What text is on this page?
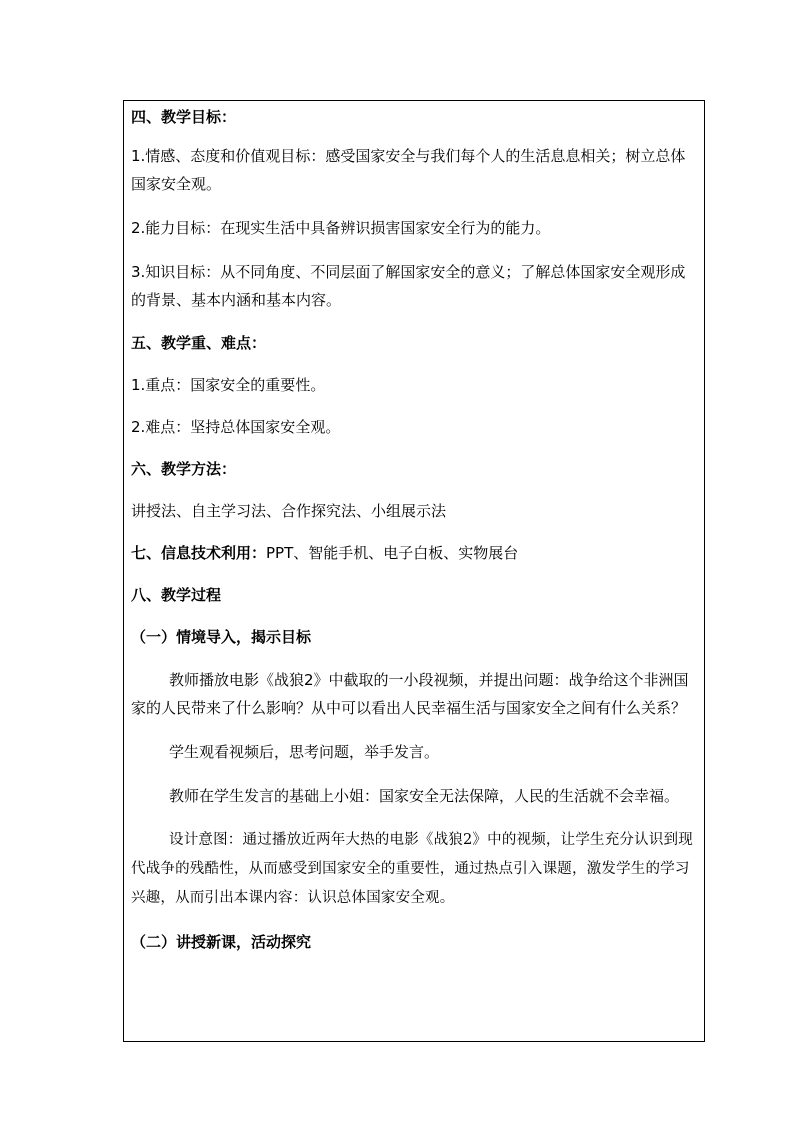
四、教学目标：

1.情感、态度和价值观目标：感受国家安全与我们每个人的生活息息相关；树立总体国家安全观。

2.能力目标：在现实生活中具备辨识损害国家安全行为的能力。

3.知识目标：从不同角度、不同层面了解国家安全的意义；了解总体国家安全观形成的背景、基本内涵和基本内容。

五、教学重、难点：

1.重点：国家安全的重要性。

2.难点：坚持总体国家安全观。

六、教学方法：

讲授法、自主学习法、合作探究法、小组展示法

七、信息技术利用：PPT、智能手机、电子白板、实物展台

八、教学过程

（一）情境导入，揭示目标

教师播放电影《战狼2》中截取的一小段视频，并提出问题：战争给这个非洲国家的人民带来了什么影响？从中可以看出人民幸福生活与国家安全之间有什么关系？

学生观看视频后，思考问题，举手发言。

教师在学生发言的基础上小姐：国家安全无法保障，人民的生活就不会幸福。

设计意图：通过播放近两年大热的电影《战狼2》中的视频，让学生充分认识到现代战争的残酷性，从而感受到国家安全的重要性，通过热点引入课题，激发学生的学习兴趣，从而引出本课内容：认识总体国家安全观。

（二）讲授新课，活动探究
